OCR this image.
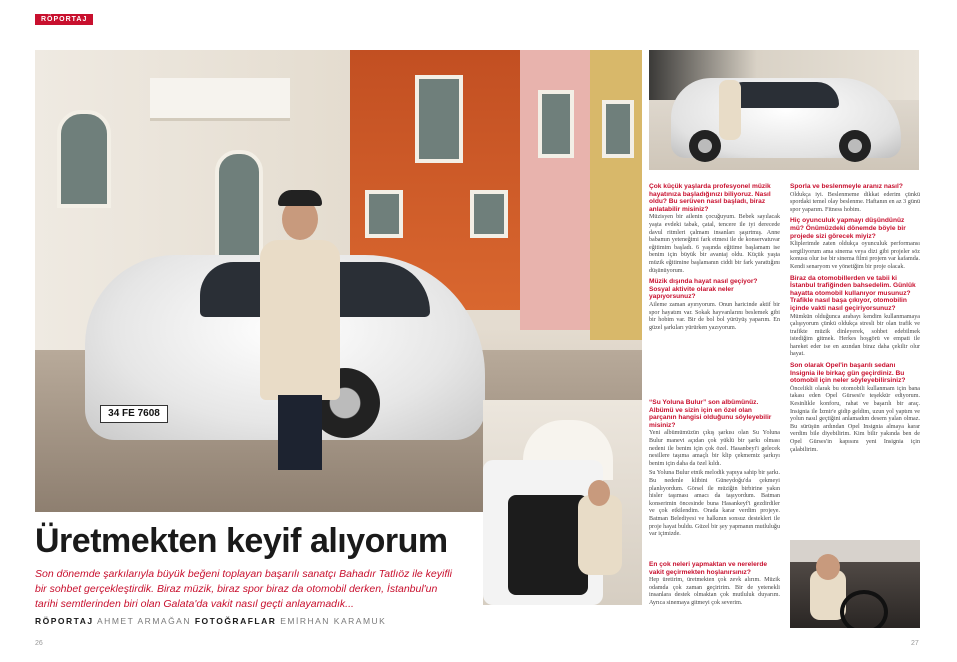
RÖPORTAJ
34 FE 7608
Üretmekten keyif alıyorum
Son dönemde şarkılarıyla büyük beğeni toplayan başarılı sanatçı Bahadır Tatlıöz ile keyifli bir sohbet gerçekleştirdik. Biraz müzik, biraz spor biraz da otomobil derken, İstanbul'un tarihi semtlerinden biri olan Galata'da vakit nasıl geçti anlayamadık...
RÖPORTAJ AHMET ARMAĞAN FOTOĞRAFLAR EMİRHAN KARAMUK
26	27
Çok küçük yaşlarda profesyonel müzik hayatınıza başladığınızı biliyoruz. Nasıl oldu? Bu serüven nasıl başladı, biraz anlatabilir misiniz?

Müzisyen bir ailenin çocuğuyum. Bebek sayılacak yaşta evdeki tabak, çatal, tencere ile iyi derecede davul ritmleri çalmam insanları şaşırtmış. Anne babamın yeteneğimi fark etmesi ile de konservatuvar eğitimim başladı. 6 yaşında eğitime başlamam ise benim için büyük bir avantaj oldu. Küçük yaşta müzik eğitimine başlamanın ciddi bir fark yarattığını düşünüyorum.

Müzik dışında hayat nasıl geçiyor? Sosyal aktivite olarak neler yapıyorsunuz?

Aileme zaman ayırıyorum. Onun haricinde aktif bir spor hayatım var. Sokak hayvanlarını beslemek gibi bir hobim var. Bir de bol bol yürüyüş yaparım. En güzel şarkıları yürürken yazıyorum.

“Su Yoluna Bulur” son albümünüz. Albümü ve sizin için en özel olan parçanın hangisi olduğunu söyleyebilir misiniz?

Yeni albümümüzün çıkış şarkısı olan Su Yoluna Bulur manevi açıdan çok yüklü bir şarkı olması nedeni ile benim için çok özel. Hasanbeyi'i gelecek nesillere taşıma amaçlı bir klip çekmemiz şarkıyı benim için daha da özel kıldı.

Su Yoluna Bulur etnik melodik yapıya sahip bir şarkı. Bu nedenle klibini Güneydoğu'da çekmeyi planlıyordum. Görsel ile müziğin birbirine yakın hisler taşıması amacı da taşıyordum. Batman konserimin öncesinde buna Hasankeyf'i gezdirdiler ve çok etkilendim. Orada karar verdim projeye. Batman Belediyesi ve halkının sonsuz destekleri ile proje hayat buldu. Güzel bir şey yapmanın mutluluğu var içimizde.

Sporla ve beslenmeyle aranız nasıl?

Oldukça iyi. Beslenmeme dikkat ederim çünkü spordaki temel olay beslenme. Haftanın en az 3 günü spor yaparım. Fitness hobim.

Hiç oyunculuk yapmayı düşündünüz mü? Önümüzdeki dönemde böyle bir projede sizi görecek miyiz?

Kliplerimde zaten oldukça oyunculuk performansı sergiliyorum ama sinema veya dizi gibi projeler söz konusu olur ise bir sinema filmi projem var kafamda. Kendi senaryom ve yönetiğim bir proje olacak.

Biraz da otomobillerden ve tabii ki İstanbul trafiğinden bahsedelim. Günlük hayatta otomobil kullanıyor musunuz? Trafikle nasıl başa çıkıyor, otomobilin içinde vakti nasıl geçiriyorsunuz?

Mümkün olduğunca arabayı kendim kullanmamaya çalışıyorum çünkü oldukça stresli bir olan trafik ve trafikte müzik dinleyerek, sohbet edebilmek istediğim gitmek. Herkes hoşgörü ve empati ile hareket eder ise en azından biraz daha çekilir olur hayat.

Son olarak Opel'in başarılı sedanı Insignia ile birkaç gün geçirdiniz. Bu otomobil için neler söyleyebilirsiniz?

Öncelikli olarak bu otomobili kullanmam için bana takası eden Opel Gürsesi'e teşekkür ediyorum. Kesinlikle konforu, rahat ve başarılı bir araç. Insignia ile İzmir'e gidip geldim, uzun yol yaptım ve yolun nasıl geçtiğini anlamadım desem yalan olmaz. Bu sürüşün ardından Opel Insignia almaya karar verdim bile diyebilirim. Kim bilir yakında ben de Opel Gürses'in kapısını yeni Insignia için çalabilirim.

En çok neleri yapmaktan ve nerelerde vakit geçirmekten hoşlanırsınız?

Hep üretirim, üretmekten çok zevk alırım. Müzik odamda çok zaman geçiririm. Bir de yetenekli insanlara destek olmaktan çok mutluluk duyarım. Ayrıca sinemaya gitmeyi çok severim.
